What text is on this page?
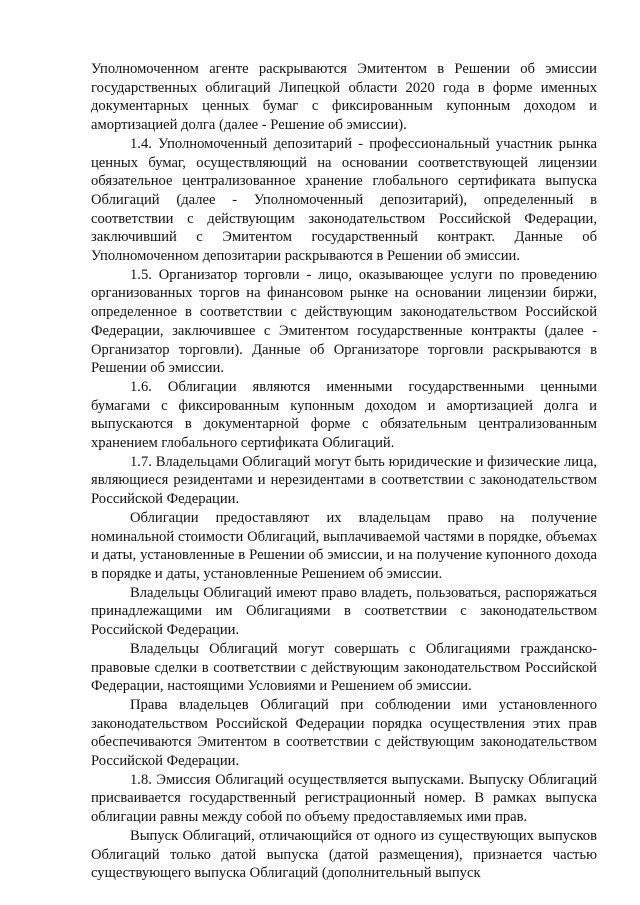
Уполномоченном агенте раскрываются Эмитентом в Решении об эмиссии государственных облигаций Липецкой области 2020 года в форме именных документарных ценных бумаг с фиксированным купонным доходом и амортизацией долга (далее - Решение об эмиссии).

1.4. Уполномоченный депозитарий - профессиональный участник рынка ценных бумаг, осуществляющий на основании соответствующей лицензии обязательное централизованное хранение глобального сертификата выпуска Облигаций (далее - Уполномоченный депозитарий), определенный в соответствии с действующим законодательством Российской Федерации, заключивший с Эмитентом государственный контракт. Данные об Уполномоченном депозитарии раскрываются в Решении об эмиссии.

1.5. Организатор торговли - лицо, оказывающее услуги по проведению организованных торгов на финансовом рынке на основании лицензии биржи, определенное в соответствии с действующим законодательством Российской Федерации, заключившее с Эмитентом государственные контракты (далее - Организатор торговли). Данные об Организаторе торговли раскрываются в Решении об эмиссии.

1.6. Облигации являются именными государственными ценными бумагами с фиксированным купонным доходом и амортизацией долга и выпускаются в документарной форме с обязательным централизованным хранением глобального сертификата Облигаций.

1.7. Владельцами Облигаций могут быть юридические и физические лица, являющиеся резидентами и нерезидентами в соответствии с законодательством Российской Федерации.

Облигации предоставляют их владельцам право на получение номинальной стоимости Облигаций, выплачиваемой частями в порядке, объемах и даты, установленные в Решении об эмиссии, и на получение купонного дохода в порядке и даты, установленные Решением об эмиссии.

Владельцы Облигаций имеют право владеть, пользоваться, распоряжаться принадлежащими им Облигациями в соответствии с законодательством Российской Федерации.

Владельцы Облигаций могут совершать с Облигациями гражданско-правовые сделки в соответствии с действующим законодательством Российской Федерации, настоящими Условиями и Решением об эмиссии.

Права владельцев Облигаций при соблюдении ими установленного законодательством Российской Федерации порядка осуществления этих прав обеспечиваются Эмитентом в соответствии с действующим законодательством Российской Федерации.

1.8. Эмиссия Облигаций осуществляется выпусками. Выпуску Облигаций присваивается государственный регистрационный номер. В рамках выпуска облигации равны между собой по объему предоставляемых ими прав.

Выпуск Облигаций, отличающийся от одного из существующих выпусков Облигаций только датой выпуска (датой размещения), признается частью существующего выпуска Облигаций (дополнительный выпуск
